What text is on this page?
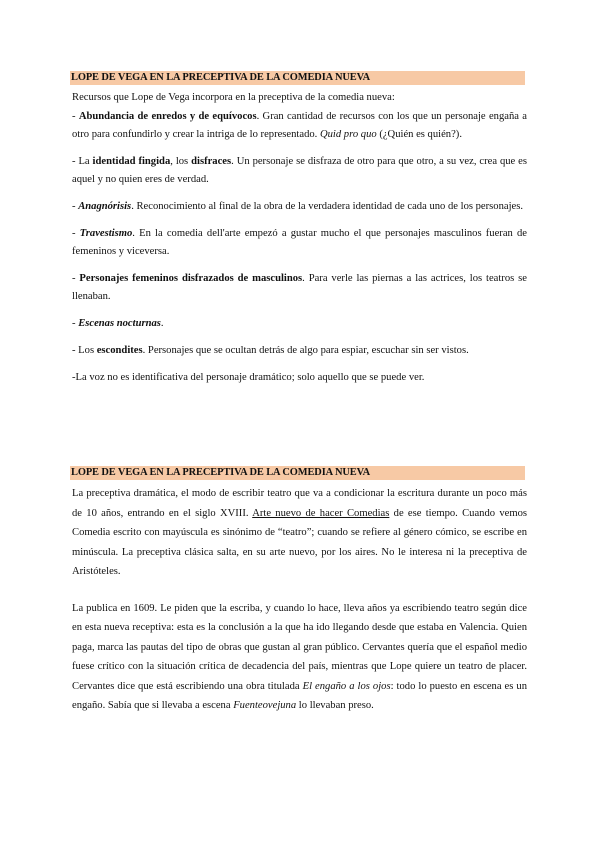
LOPE DE VEGA EN LA PRECEPTIVA DE LA COMEDIA NUEVA

Recursos que Lope de Vega incorpora en la preceptiva de la comedia nueva:

- Abundancia de enredos y de equívocos. Gran cantidad de recursos con los que un personaje engaña a otro para confundirlo y crear la intriga de lo representado. Quid pro quo (¿Quién es quién?).

- La identidad fingida, los disfraces. Un personaje se disfraza de otro para que otro, a su vez, crea que es aquel y no quien eres de verdad.

- Anagnórisis. Reconocimiento al final de la obra de la verdadera identidad de cada uno de los personajes.

- Travestismo. En la comedia dell'arte empezó a gustar mucho el que personajes masculinos fueran de femeninos y viceversa.

- Personajes femeninos disfrazados de masculinos. Para verle las piernas a las actrices, los teatros se llenaban.

- Escenas nocturnas.

- Los escondites. Personajes que se ocultan detrás de algo para espiar, escuchar sin ser vistos.

-La voz no es identificativa del personaje dramático; solo aquello que se puede ver.

LOPE DE VEGA EN LA PRECEPTIVA DE LA COMEDIA NUEVA

La preceptiva dramática, el modo de escribir teatro que va a condicionar la escritura durante un poco más de 10 años, entrando en el siglo XVIII. Arte nuevo de hacer Comedias de ese tiempo. Cuando vemos Comedia escrito con mayúscula es sinónimo de “teatro”; cuando se refiere al género cómico, se escribe en minúscula. La preceptiva clásica salta, en su arte nuevo, por los aires. No le interesa ni la preceptiva de Aristóteles.

La publica en 1609. Le piden que la escriba, y cuando lo hace, lleva años ya escribiendo teatro según dice en esta nueva receptiva: esta es la conclusión a la que ha ido llegando desde que estaba en Valencia. Quien paga, marca las pautas del tipo de obras que gustan al gran público. Cervantes quería que el español medio fuese crítico con la situación crítica de decadencia del país, mientras que Lope quiere un teatro de placer. Cervantes dice que está escribiendo una obra titulada El engaño a los ojos: todo lo puesto en escena es un engaño. Sabía que si llevaba a escena Fuenteovejuna lo llevaban preso.
